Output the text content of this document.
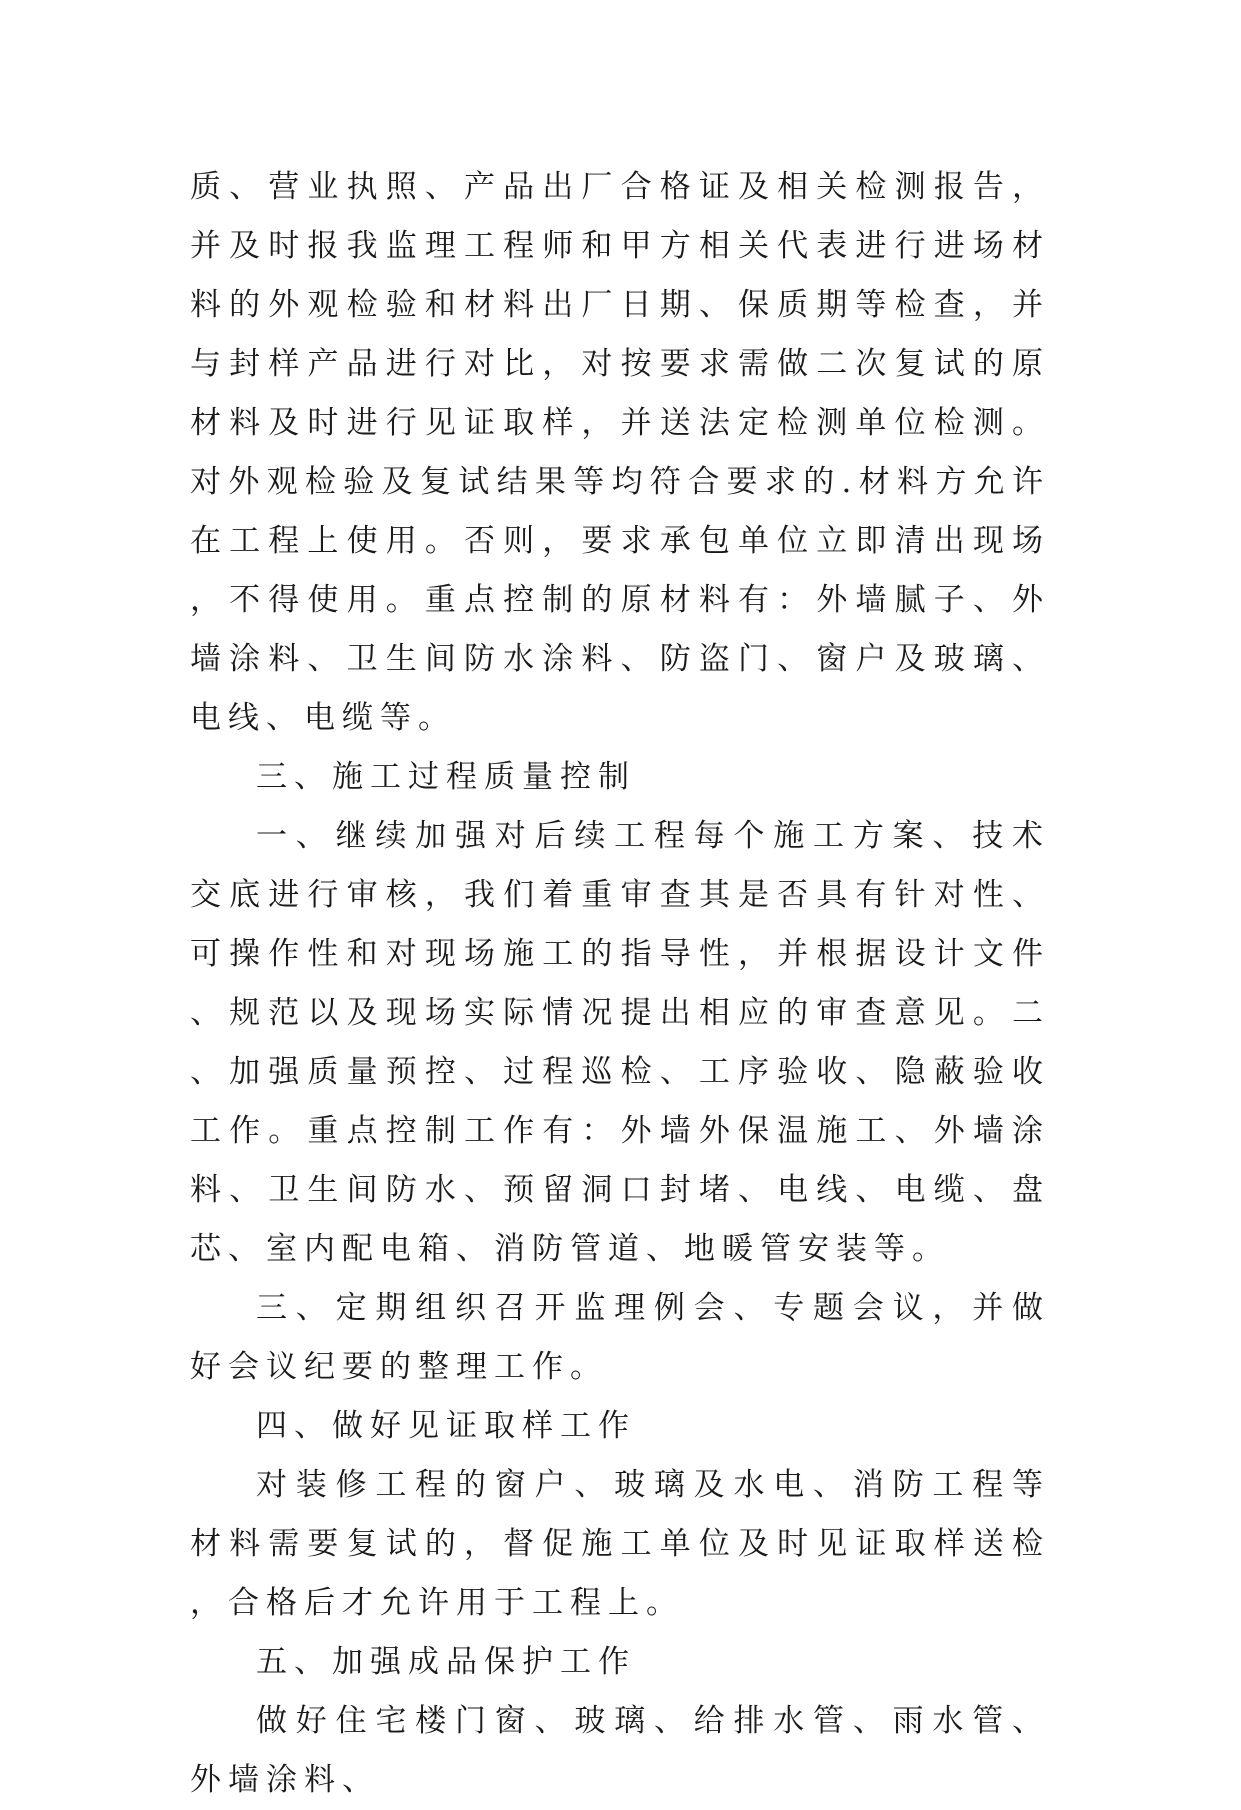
质、营业执照、产品出厂合格证及相关检测报告，并及时报我监理工程师和甲方相关代表进行进场材料的外观检验和材料出厂日期、保质期等检查，并与封样产品进行对比，对按要求需做二次复试的原材料及时进行见证取样，并送法定检测单位检测。对外观检验及复试结果等均符合要求的.材料方允许在工程上使用。否则，要求承包单位立即清出现场，不得使用。重点控制的原材料有：外墙腻子、外墙涂料、卫生间防水涂料、防盗门、窗户及玻璃、电线、电缆等。

三、施工过程质量控制

一、继续加强对后续工程每个施工方案、技术交底进行审核，我们着重审查其是否具有针对性、可操作性和对现场施工的指导性，并根据设计文件、规范以及现场实际情况提出相应的审查意见。二、加强质量预控、过程巡检、工序验收、隐蔽验收工作。重点控制工作有：外墙外保温施工、外墙涂料、卫生间防水、预留洞口封堵、电线、电缆、盘芯、室内配电箱、消防管道、地暖管安装等。

三、定期组织召开监理例会、专题会议，并做好会议纪要的整理工作。

四、做好见证取样工作

对装修工程的窗户、玻璃及水电、消防工程等材料需要复试的，督促施工单位及时见证取样送检，合格后才允许用于工程上。

五、加强成品保护工作

做好住宅楼门窗、玻璃、给排水管、雨水管、外墙涂料、
